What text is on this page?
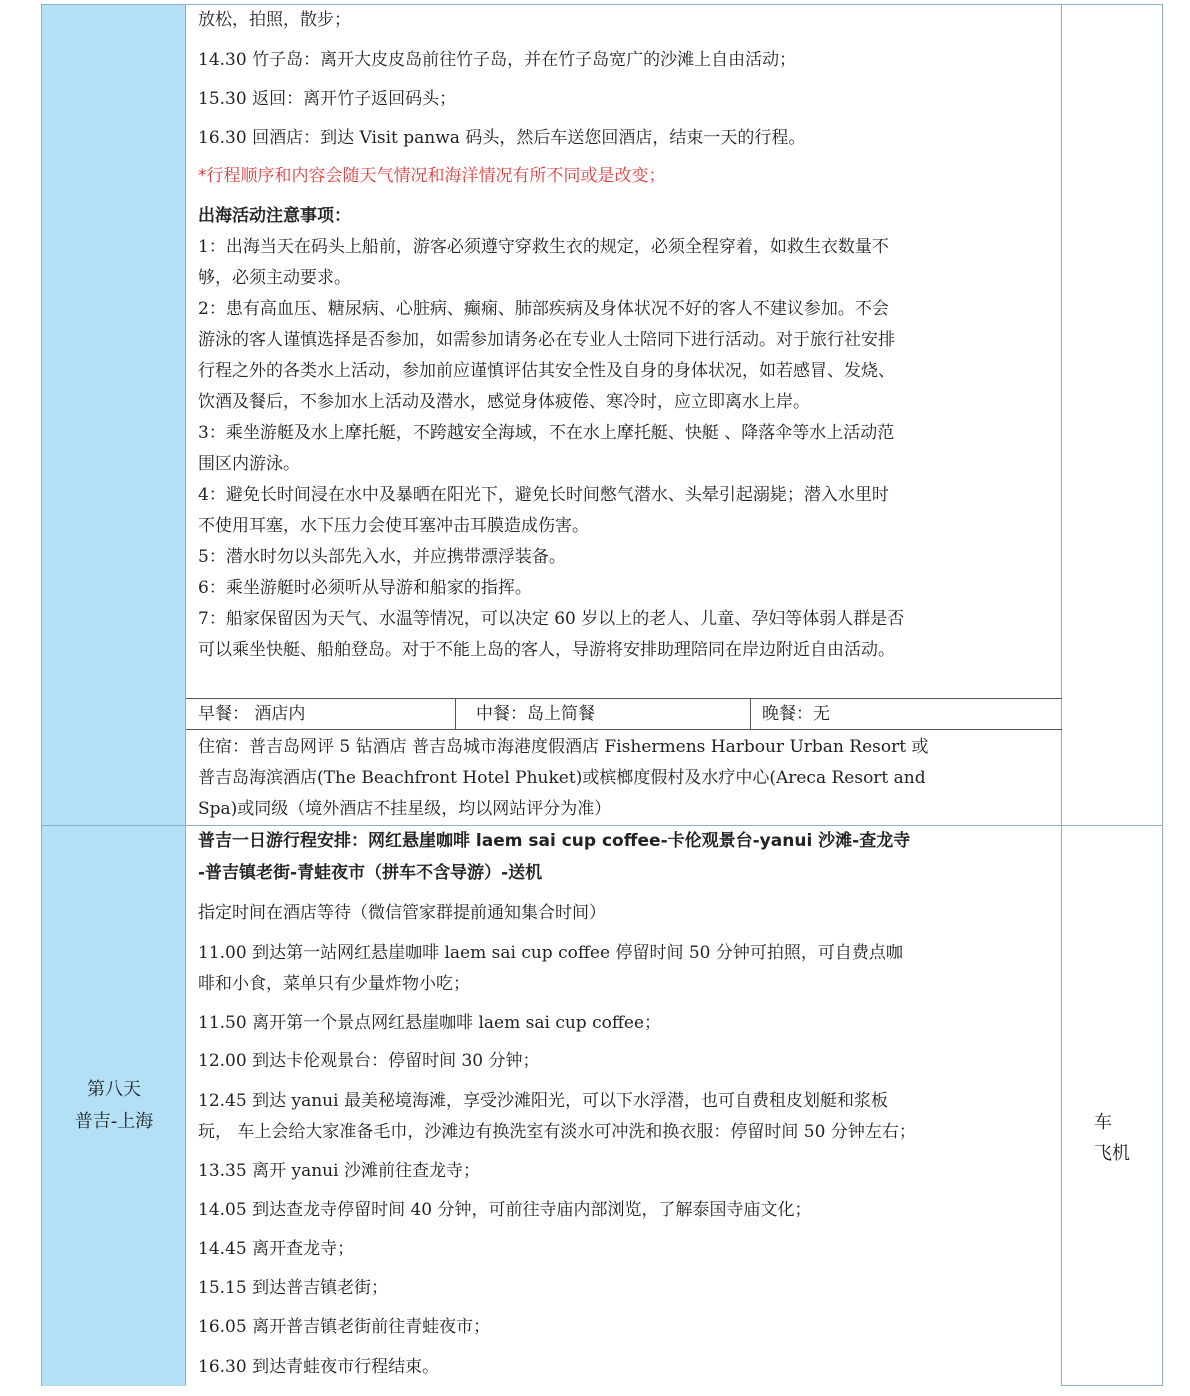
放松，拍照，散步；
14.30 竹子岛：离开大皮皮岛前往竹子岛，并在竹子岛宽广的沙滩上自由活动；
15.30 返回：离开竹子返回码头；
16.30 回酒店：到达 Visit panwa 码头，然后车送您回酒店，结束一天的行程。
*行程顺序和内容会随天气情况和海洋情况有所不同或是改变；
出海活动注意事项：
1：出海当天在码头上船前，游客必须遵守穿救生衣的规定，必须全程穿着，如救生衣数量不
够，必须主动要求。
2：患有高血压、糖尿病、心脏病、癫痫、肺部疾病及身体状况不好的客人不建议参加。不会
游泳的客人谨慎选择是否参加，如需参加请务必在专业人士陪同下进行活动。对于旅行社安排
行程之外的各类水上活动，参加前应谨慎评估其安全性及自身的身体状况，如若感冒、发烧、
饮酒及餐后，不参加水上活动及潜水，感觉身体疲倦、寒冷时，应立即离水上岸。
3：乘坐游艇及水上摩托艇，不跨越安全海域，不在水上摩托艇、快艇 、降落伞等水上活动范
围区内游泳。
4：避免长时间浸在水中及暴晒在阳光下，避免长时间憋气潜水、头晕引起溺毙；潜入水里时
不使用耳塞，水下压力会使耳塞冲击耳膜造成伤害。
5：潜水时勿以头部先入水，并应携带漂浮装备。
6：乘坐游艇时必须听从导游和船家的指挥。
7：船家保留因为天气、水温等情况，可以决定 60 岁以上的老人、儿童、孕妇等体弱人群是否
可以乘坐快艇、船舶登岛。对于不能上岛的客人，导游将安排助理陪同在岸边附近自由活动。
早餐： 酒店内	中餐：岛上简餐	晚餐：无
住宿：普吉岛网评 5 钻酒店 普吉岛城市海港度假酒店 Fishermens Harbour Urban Resort 或
普吉岛海滨酒店(The Beachfront Hotel Phuket)或槟榔度假村及水疗中心(Areca Resort and
Spa)或同级（境外酒店不挂星级，均以网站评分为准）
第八天
普吉-上海
普吉一日游行程安排：网红悬崖咖啡 laem sai cup coffee-卡伦观景台-yanui 沙滩-查龙寺
-普吉镇老街-青蛙夜市（拼车不含导游）-送机
指定时间在酒店等待（微信管家群提前通知集合时间）
11.00 到达第一站网红悬崖咖啡 laem sai cup coffee 停留时间 50 分钟可拍照，可自费点咖
啡和小食，菜单只有少量炸物小吃；
11.50 离开第一个景点网红悬崖咖啡 laem sai cup coffee；
12.00 到达卡伦观景台：停留时间 30 分钟；
12.45 到达 yanui 最美秘境海滩，享受沙滩阳光，可以下水浮潜，也可自费租皮划艇和浆板
玩， 车上会给大家准备毛巾，沙滩边有换洗室有淡水可冲洗和换衣服：停留时间 50 分钟左右；
13.35 离开 yanui 沙滩前往查龙寺；
14.05 到达查龙寺停留时间 40 分钟，可前往寺庙内部浏览，了解泰国寺庙文化；
14.45 离开查龙寺；
15.15 到达普吉镇老街；
16.05 离开普吉镇老街前往青蛙夜市；
16.30 到达青蛙夜市行程结束。
车
飞机
